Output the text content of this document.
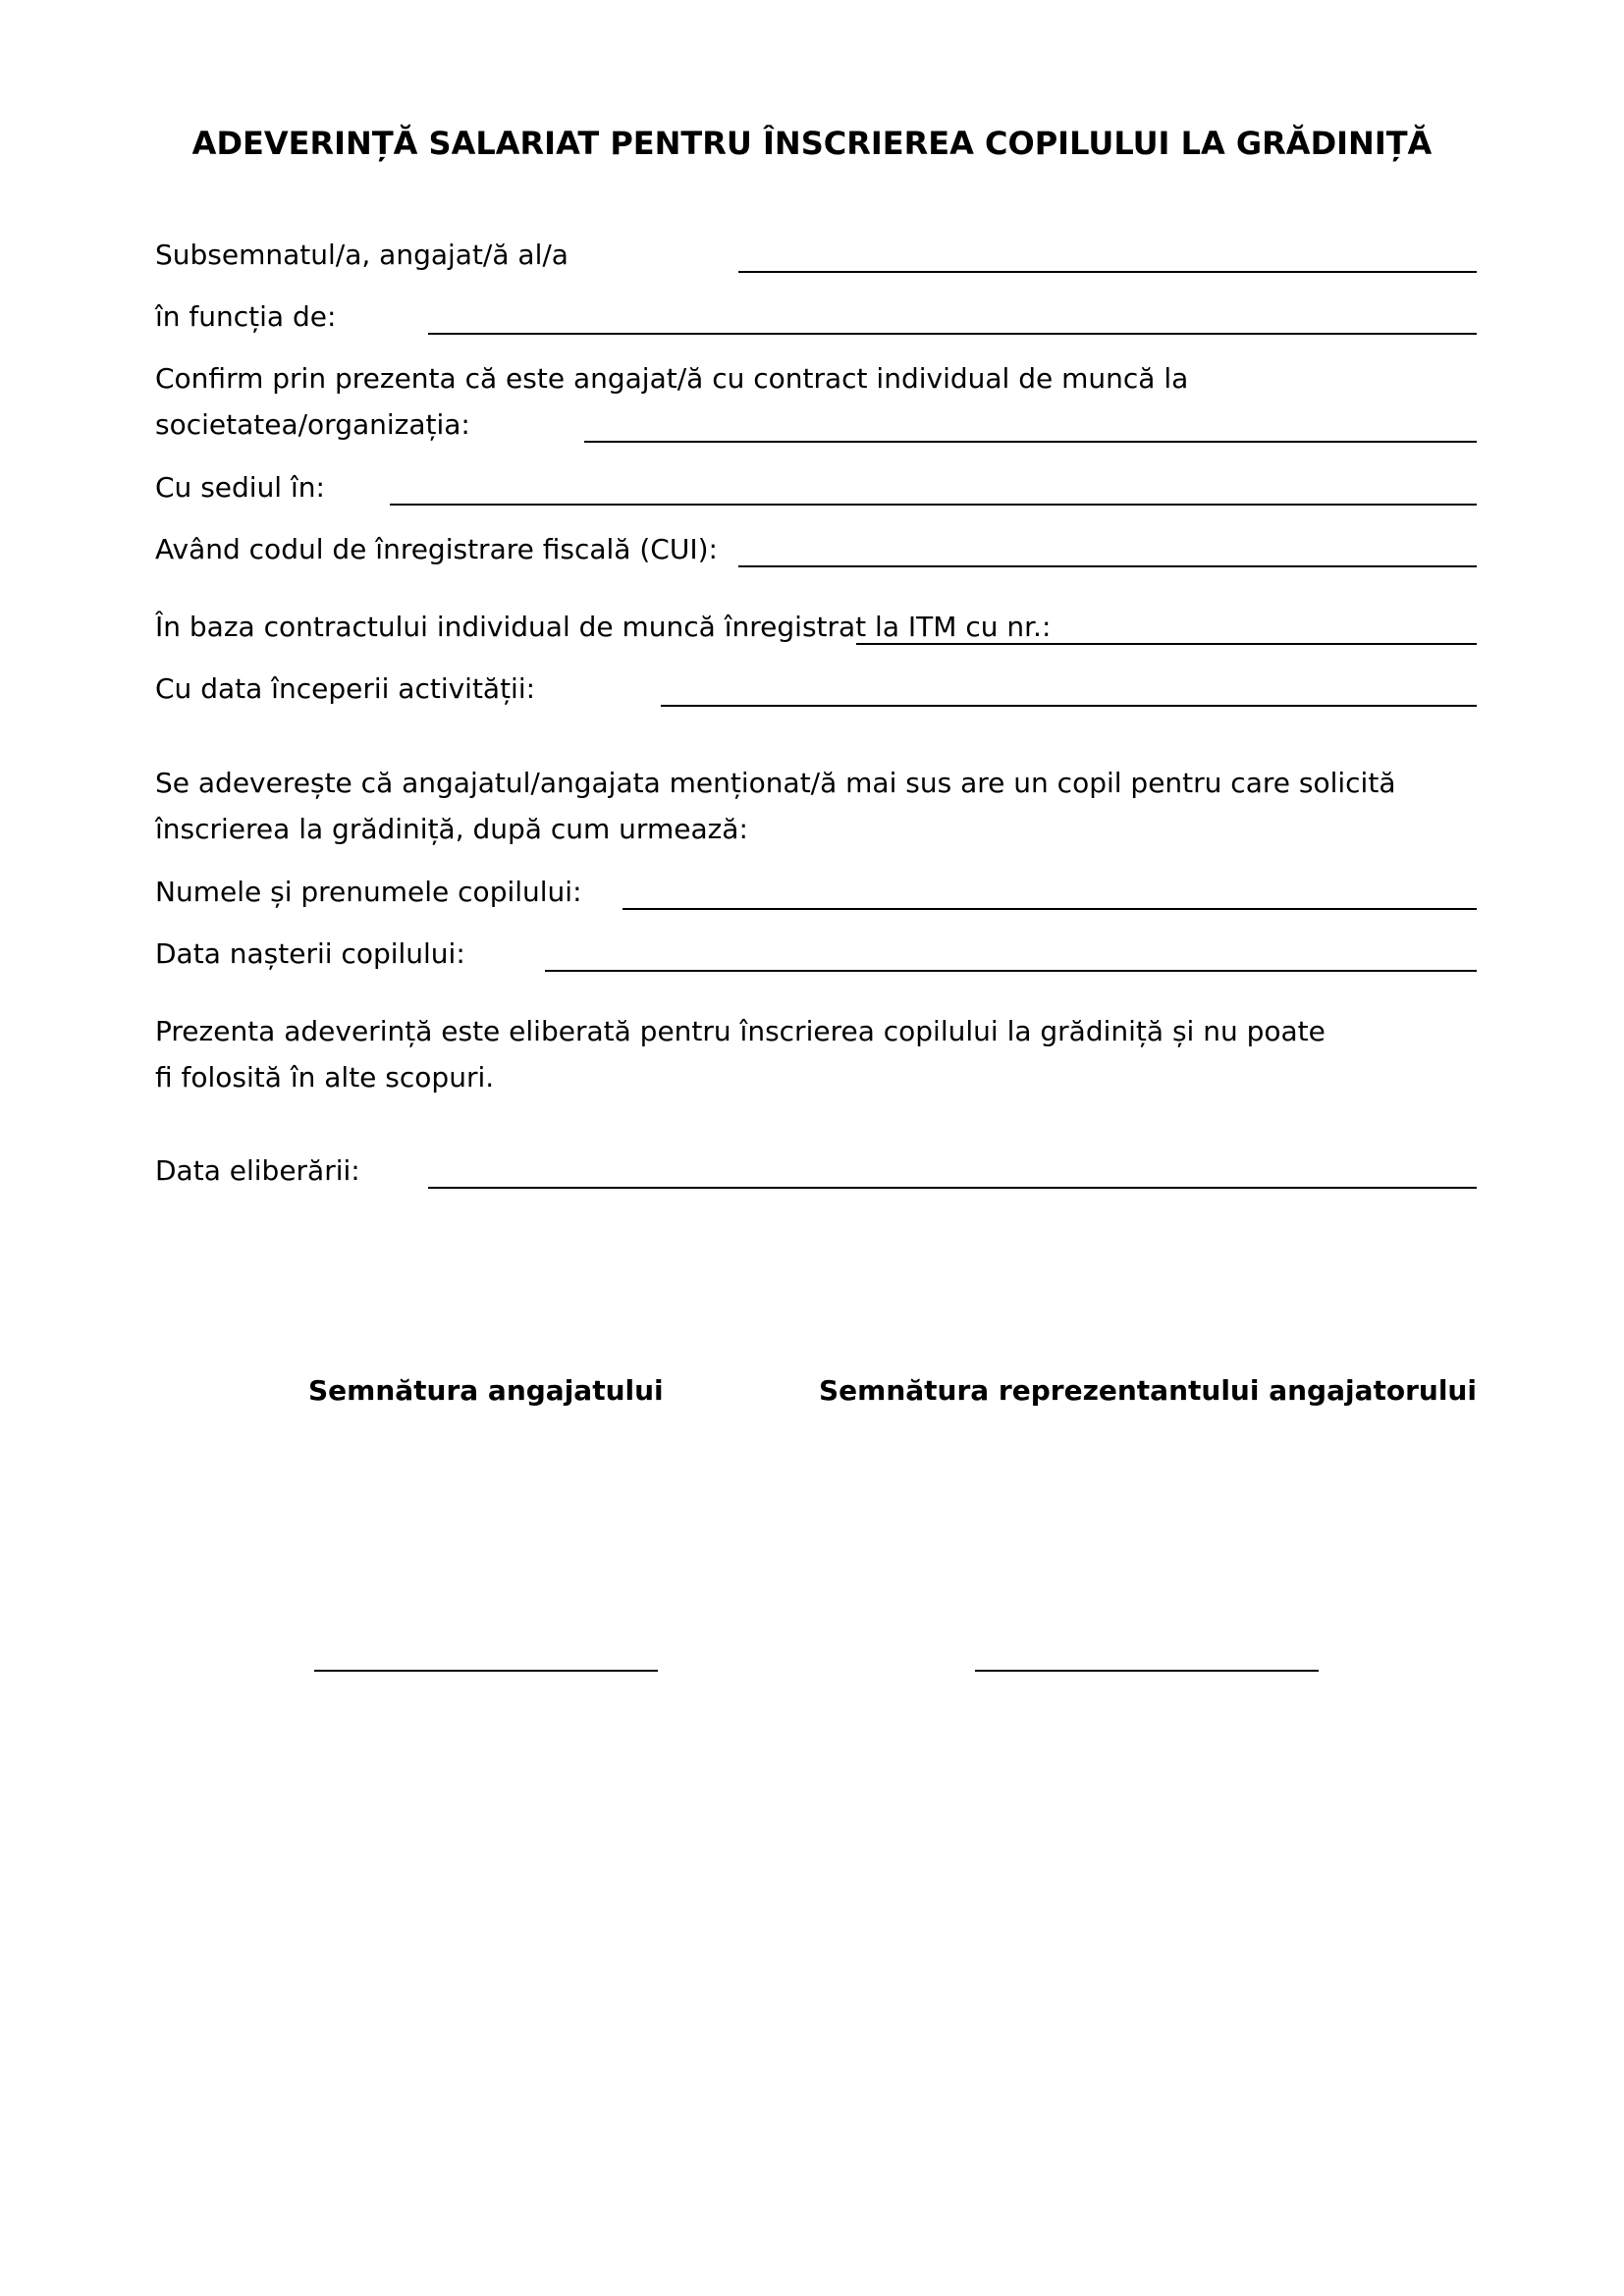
ADEVERINȚĂ SALARIAT PENTRU ÎNSCRIEREA COPILULUI LA GRĂDINIȚĂ
Subsemnatul/a, angajat/ă al/a
în funcția de:
Confirm prin prezenta că este angajat/ă cu contract individual de muncă la
societatea/organizația:
Cu sediul în:
Având codul de înregistrare fiscală (CUI):
În baza contractului individual de muncă înregistrat la ITM cu nr.:
Cu data începerii activității:
Se adeverește că angajatul/angajata menționat/ă mai sus are un copil pentru care solicită
înscrierea la grădiniță, după cum urmează:
Numele și prenumele copilului:
Data nașterii copilului:
Prezenta adeverință este eliberată pentru înscrierea copilului la grădiniță și nu poate
fi folosită în alte scopuri.
Data eliberării:
Semnătura angajatului	Semnătura reprezentantului angajatorului
